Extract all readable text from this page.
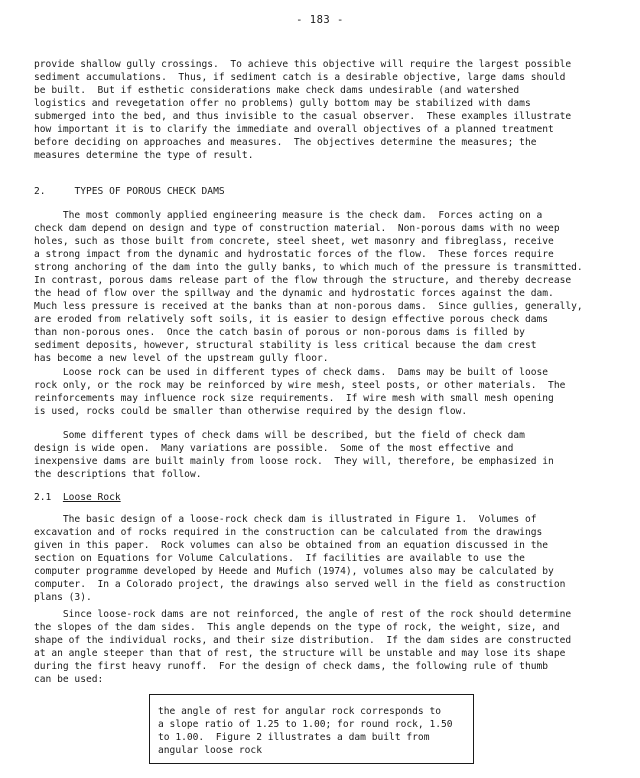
- 183 -
provide shallow gully crossings.  To achieve this objective will require the largest possible
sediment accumulations.  Thus, if sediment catch is a desirable objective, large dams should
be built.  But if esthetic considerations make check dams undesirable (and watershed
logistics and revegetation offer no problems) gully bottom may be stabilized with dams
submerged into the bed, and thus invisible to the casual observer.  These examples illustrate
how important it is to clarify the immediate and overall objectives of a planned treatment
before deciding on approaches and measures.  The objectives determine the measures; the
measures determine the type of result.
2.	TYPES OF POROUS CHECK DAMS
The most commonly applied engineering measure is the check dam.  Forces acting on a
check dam depend on design and type of construction material.  Non-porous dams with no weep
holes, such as those built from concrete, steel sheet, wet masonry and fibreglass, receive
a strong impact from the dynamic and hydrostatic forces of the flow.  These forces require
strong anchoring of the dam into the gully banks, to which much of the pressure is transmitted.
In contrast, porous dams release part of the flow through the structure, and thereby decrease
the head of flow over the spillway and the dynamic and hydrostatic forces against the dam.
Much less pressure is received at the banks than at non-porous dams.  Since gullies, generally,
are eroded from relatively soft soils, it is easier to design effective porous check dams
than non-porous ones.  Once the catch basin of porous or non-porous dams is filled by
sediment deposits, however, structural stability is less critical because the dam crest
has become a new level of the upstream gully floor.
Loose rock can be used in different types of check dams.  Dams may be built of loose
rock only, or the rock may be reinforced by wire mesh, steel posts, or other materials.  The
reinforcements may influence rock size requirements.  If wire mesh with small mesh opening
is used, rocks could be smaller than otherwise required by the design flow.
Some different types of check dams will be described, but the field of check dam
design is wide open.  Many variations are possible.  Some of the most effective and
inexpensive dams are built mainly from loose rock.  They will, therefore, be emphasized in
the descriptions that follow.
2.1 Loose Rock
The basic design of a loose-rock check dam is illustrated in Figure 1.  Volumes of
excavation and of rocks required in the construction can be calculated from the drawings
given in this paper.  Rock volumes can also be obtained from an equation discussed in the
section on Equations for Volume Calculations.  If facilities are available to use the
computer programme developed by Heede and Mufich (1974), volumes also may be calculated by
computer.  In a Colorado project, the drawings also served well in the field as construction
plans (3).
Since loose-rock dams are not reinforced, the angle of rest of the rock should determine
the slopes of the dam sides.  This angle depends on the type of rock, the weight, size, and
shape of the individual rocks, and their size distribution.  If the dam sides are constructed
at an angle steeper than that of rest, the structure will be unstable and may lose its shape
during the first heavy runoff.  For the design of check dams, the following rule of thumb
can be used:
the angle of rest for angular rock corresponds to
a slope ratio of 1.25 to 1.00; for round rock, 1.50
to 1.00.  Figure 2 illustrates a dam built from
angular loose rock
